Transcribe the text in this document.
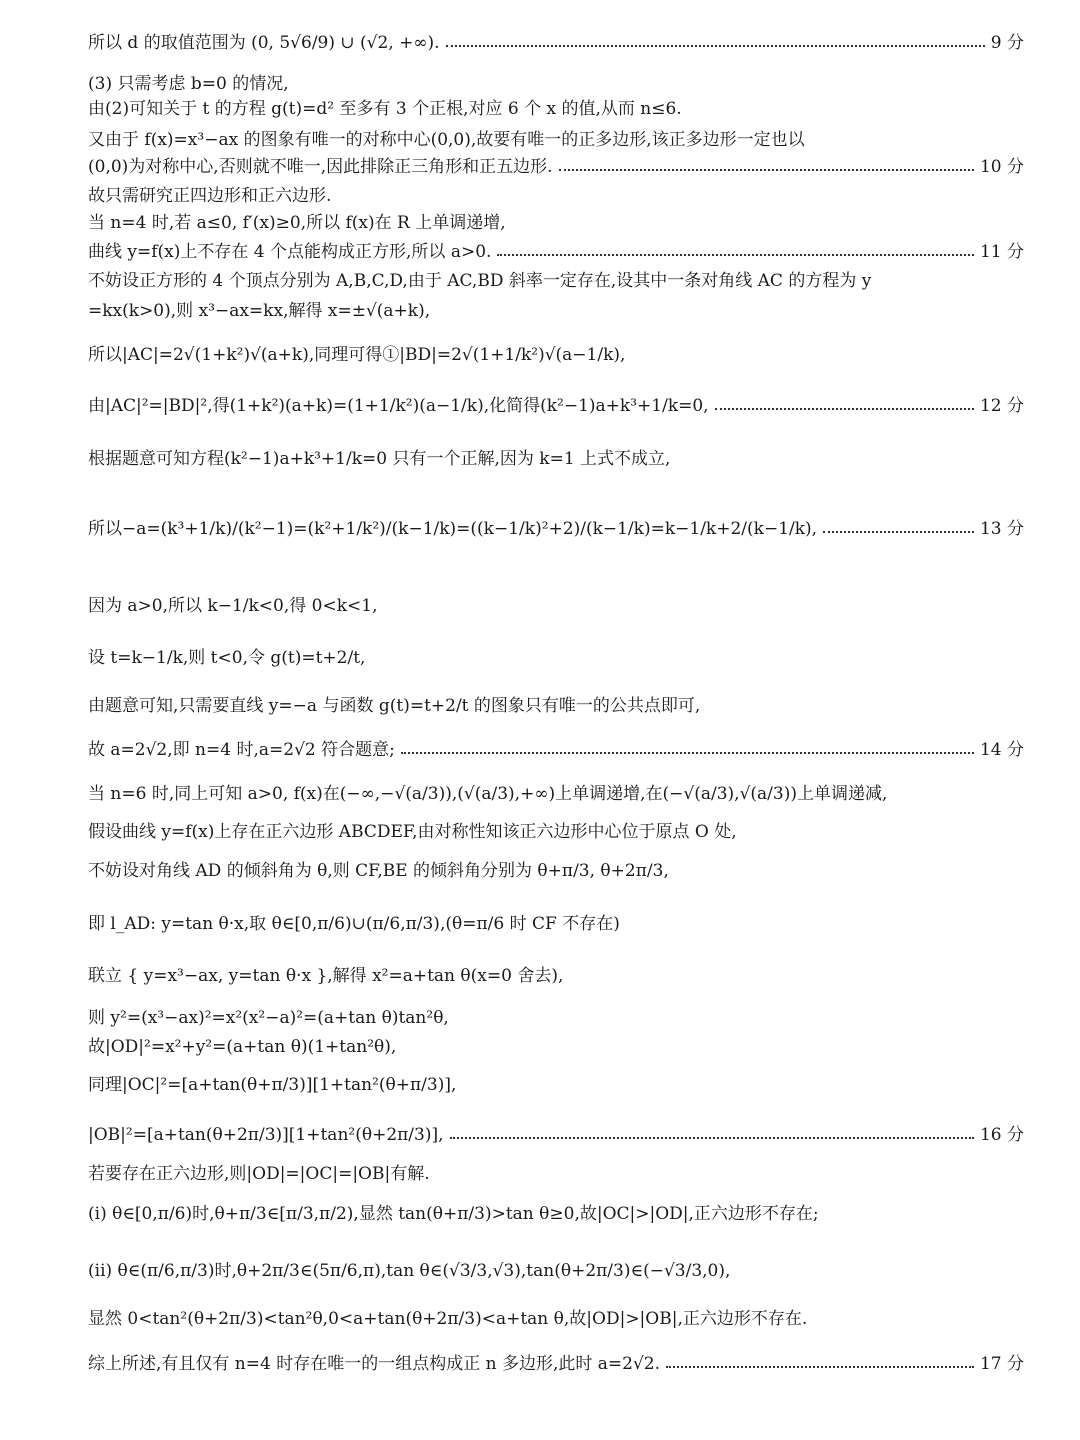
所以 d 的取值范围为 (0, 5√6/9) ∪ (√2, +∞).	9 分
(3) 只需考虑 b=0 的情况,
由(2)可知关于 t 的方程 g(t)=d² 至多有 3 个正根,对应 6 个 x 的值,从而 n≤6.
又由于 f(x)=x³−ax 的图象有唯一的对称中心(0,0),故要有唯一的正多边形,该正多边形一定也以
(0,0)为对称中心,否则就不唯一,因此排除正三角形和正五边形.	10 分
故只需研究正四边形和正六边形.
当 n=4 时,若 a≤0, f′(x)≥0,所以 f(x)在 R 上单调递增,
曲线 y=f(x)上不存在 4 个点能构成正方形,所以 a>0.	11 分
不妨设正方形的 4 个顶点分别为 A,B,C,D,由于 AC,BD 斜率一定存在,设其中一条对角线 AC 的方程为 y
=kx(k>0),则 x³−ax=kx,解得 x=±√(a+k),
所以|AC|=2√(1+k²)√(a+k),同理可得①|BD|=2√(1+1/k²)√(a−1/k),
由|AC|²=|BD|²,得(1+k²)(a+k)=(1+1/k²)(a−1/k),化简得(k²−1)a+k³+1/k=0,	12 分
根据题意可知方程(k²−1)a+k³+1/k=0 只有一个正解,因为 k=1 上式不成立,
所以−a=(k³+1/k)/(k²−1)=(k²+1/k²)/(k−1/k)=((k−1/k)²+2)/(k−1/k)=k−1/k+2/(k−1/k),	13 分
因为 a>0,所以 k−1/k<0,得 0<k<1,
设 t=k−1/k,则 t<0,令 g(t)=t+2/t,
由题意可知,只需要直线 y=−a 与函数 g(t)=t+2/t 的图象只有唯一的公共点即可,
故 a=2√2,即 n=4 时,a=2√2 符合题意;	14 分
当 n=6 时,同上可知 a>0, f(x)在(−∞,−√(a/3)),(√(a/3),+∞)上单调递增,在(−√(a/3),√(a/3))上单调递减,
假设曲线 y=f(x)上存在正六边形 ABCDEF,由对称性知该正六边形中心位于原点 O 处,
不妨设对角线 AD 的倾斜角为 θ,则 CF,BE 的倾斜角分别为 θ+π/3, θ+2π/3,
即 l_AD: y=tan θ·x,取 θ∈[0,π/6)∪(π/6,π/3),(θ=π/6 时 CF 不存在)
联立 { y=x³−ax, y=tan θ·x },解得 x²=a+tan θ(x=0 舍去),
则 y²=(x³−ax)²=x²(x²−a)²=(a+tan θ)tan²θ,
故|OD|²=x²+y²=(a+tan θ)(1+tan²θ),
同理|OC|²=[a+tan(θ+π/3)][1+tan²(θ+π/3)],
|OB|²=[a+tan(θ+2π/3)][1+tan²(θ+2π/3)],	16 分
若要存在正六边形,则|OD|=|OC|=|OB|有解.
(i) θ∈[0,π/6)时,θ+π/3∈[π/3,π/2),显然 tan(θ+π/3)>tan θ≥0,故|OC|>|OD|,正六边形不存在;
(ii) θ∈(π/6,π/3)时,θ+2π/3∈(5π/6,π),tan θ∈(√3/3,√3),tan(θ+2π/3)∈(−√3/3,0),
显然 0<tan²(θ+2π/3)<tan²θ,0<a+tan(θ+2π/3)<a+tan θ,故|OD|>|OB|,正六边形不存在.
综上所述,有且仅有 n=4 时存在唯一的一组点构成正 n 多边形,此时 a=2√2.	17 分
